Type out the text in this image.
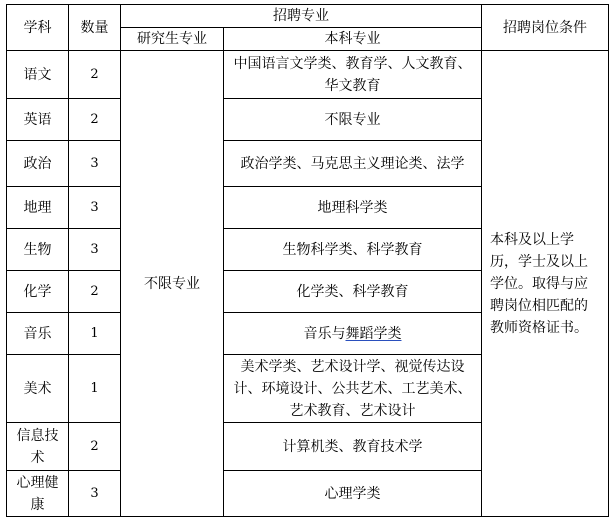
学科	数量	招聘专业		招聘岗位条件
		研究生专业	本科专业	
语文	2	不限专业	中国语言文学类、教育学、人文教育、华文教育	本科及以上学历，学士及以上学位。取得与应聘岗位相匹配的教师资格证书。
英语	2		不限专业	
政治	3		政治学类、马克思主义理论类、法学	
地理	3		地理科学类	
生物	3		生物科学类、科学教育	
化学	2		化学类、科学教育	
音乐	1		音乐与舞蹈学类	
美术	1		美术学类、艺术设计学、视觉传达设计、环境设计、公共艺术、工艺美术、艺术教育、艺术设计	
信息技术	2		计算机类、教育技术学	
心理健康	3		心理学类	
